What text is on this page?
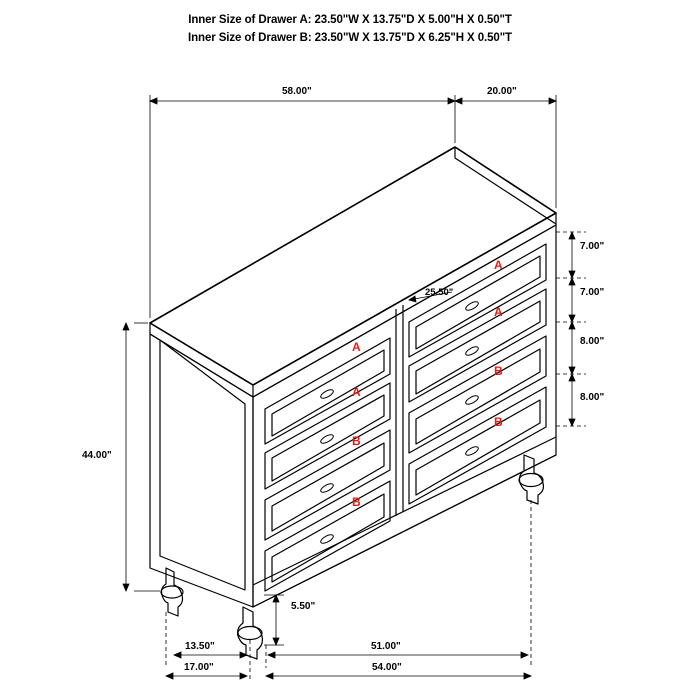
Inner Size of Drawer A: 23.50"W X 13.75"D X 5.00"H X 0.50"T
Inner Size of Drawer B: 23.50"W X 13.75"D X 6.25"H X 0.50"T
58.00"	20.00"
7.00"
7.00"
8.00"
8.00"
44.00"
5.50"
13.50"	51.00"
17.00"	54.00"
25.50"
A
A
B
B
A
A
B
B
